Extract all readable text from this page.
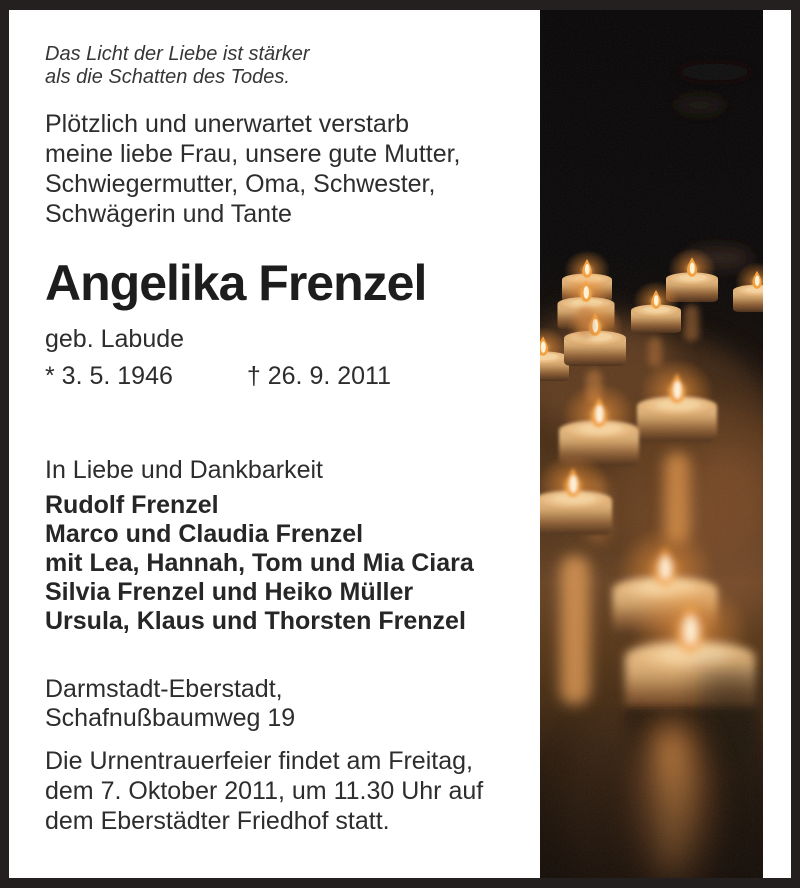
Das Licht der Liebe ist stärker
als die Schatten des Todes.
Plötzlich und unerwartet verstarb
meine liebe Frau, unsere gute Mutter,
Schwiegermutter, Oma, Schwester,
Schwägerin und Tante
Angelika Frenzel
geb. Labude
* 3. 5. 1946	† 26. 9. 2011
In Liebe und Dankbarkeit
Rudolf Frenzel
Marco und Claudia Frenzel
mit Lea, Hannah, Tom und Mia Ciara
Silvia Frenzel und Heiko Müller
Ursula, Klaus und Thorsten Frenzel
Darmstadt-Eberstadt,
Schafnußbaumweg 19
Die Urnentrauerfeier findet am Freitag,
dem 7. Oktober 2011, um 11.30 Uhr auf
dem Eberstädter Friedhof statt.
